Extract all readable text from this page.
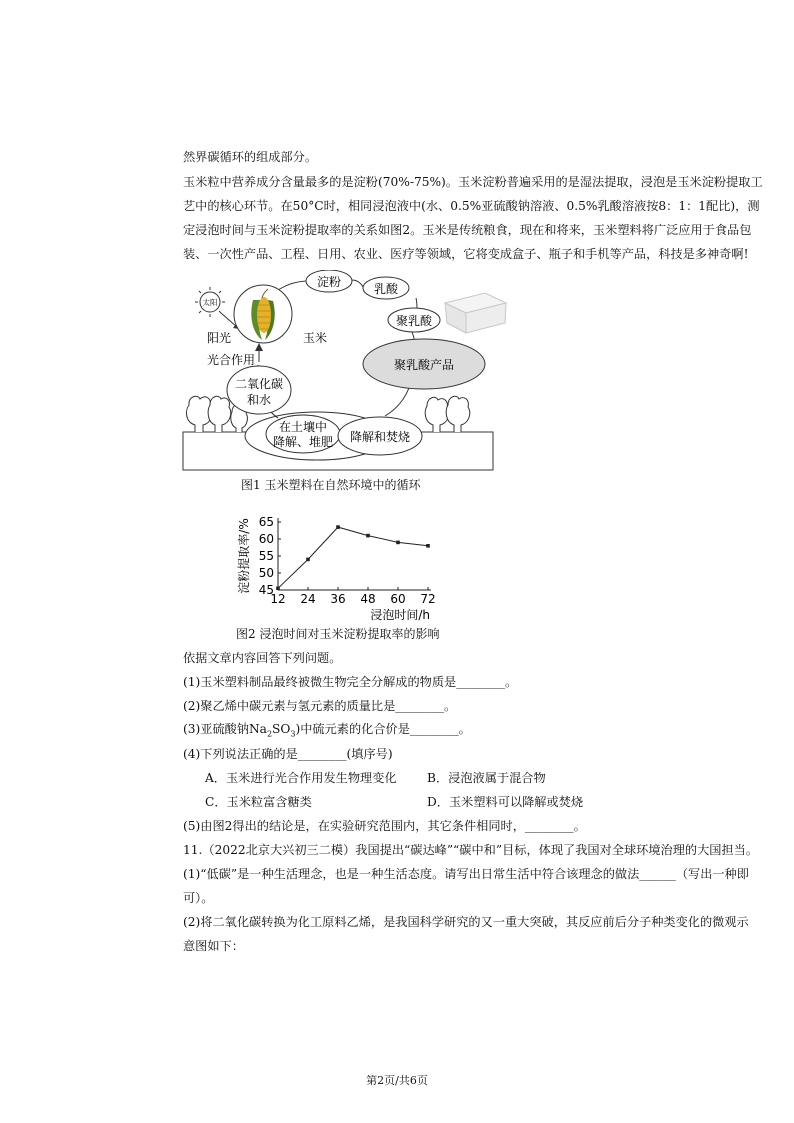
然界碳循环的组成部分。
玉米粒中营养成分含量最多的是淀粉(70%-75%)。玉米淀粉普遍采用的是湿法提取，浸泡是玉米淀粉提取工
艺中的核心环节。在50°C时，相同浸泡液中(水、0.5%亚硫酸钠溶液、0.5%乳酸溶液按8：1：1配比)，测
定浸泡时间与玉米淀粉提取率的关系如图2。玉米是传统粮食，现在和将来，玉米塑料将广泛应用于食品包
装、一次性产品、工程、日用、农业、医疗等领域，它将变成盒子、瓶子和手机等产品，科技是多神奇啊!
太阳
淀粉	乳酸
聚乳酸
聚乳酸产品
二氧化碳
和水
在土壤中
降解、堆肥 降解和焚烧
阳光	玉米
光合作用
图1 玉米塑料在自然环境中的循环
45
50
55
60
65
12 24 36 48 60 72
淀粉提取率/%
浸泡时间/h
图2 浸泡时间对玉米淀粉提取率的影响
依据文章内容回答下列问题。
(1)玉米塑料制品最终被微生物完全分解成的物质是________。
(2)聚乙烯中碳元素与氢元素的质量比是________。
(3)亚硫酸钠$Na_2SO_3$)中硫元素的化合价是________。
(4)下列说法正确的是________(填序号)
A．玉米进行光合作用发生物理变化 B．浸泡液属于混合物
C．玉米粒富含糖类	D．玉米塑料可以降解或焚烧
(5)由图2得出的结论是，在实验研究范围内，其它条件相同时，________。
11.（2022北京大兴初三二模）我国提出“碳达峰”“碳中和”目标，体现了我国对全球环境治理的大国担当。
(1)“低碳”是一种生活理念，也是一种生活态度。请写出日常生活中符合该理念的做法______（写出一种即
可）。
(2)将二氧化碳转换为化工原料乙烯，是我国科学研究的又一重大突破，其反应前后分子种类变化的微观示
意图如下：
第2页/共6页
